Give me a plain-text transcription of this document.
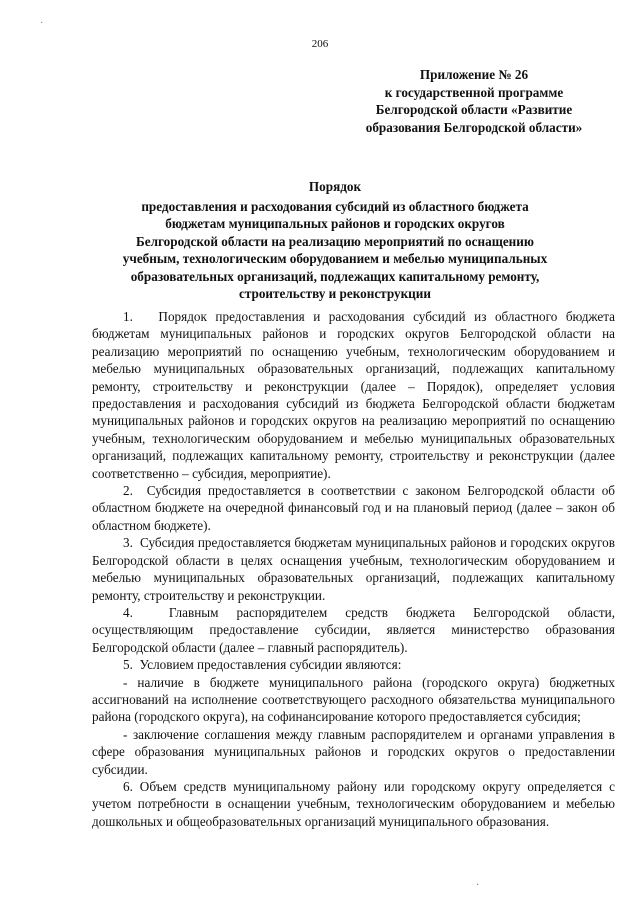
206
Приложение № 26
к государственной программе
Белгородской области «Развитие
образования Белгородской области»
Порядок
предоставления и расходования субсидий из областного бюджета
бюджетам муниципальных районов и городских округов
Белгородской области на реализацию мероприятий по оснащению
учебным, технологическим оборудованием и мебелью муниципальных
образовательных организаций, подлежащих капитальному ремонту,
строительству и реконструкции

1.   Порядок предоставления и расходования субсидий из областного бюджета бюджетам муниципальных районов и городских округов Белгородской области на реализацию мероприятий по оснащению учебным, технологическим оборудованием и мебелью муниципальных образовательных организаций, подлежащих капитальному ремонту, строительству и реконструкции (далее – Порядок), определяет условия предоставления и расходования субсидий из бюджета Белгородской области бюджетам муниципальных районов и городских округов на реализацию мероприятий по оснащению учебным, технологическим оборудованием и мебелью муниципальных образовательных организаций, подлежащих капитальному ремонту, строительству и реконструкции (далее соответственно – субсидия, мероприятие).

2.  Субсидия предоставляется в соответствии с законом Белгородской области об областном бюджете на очередной финансовый год и на плановый период (далее – закон об областном бюджете).

3.  Субсидия предоставляется бюджетам муниципальных районов и городских округов Белгородской области в целях оснащения учебным, технологическим оборудованием и мебелью муниципальных образовательных организаций, подлежащих капитальному ремонту, строительству и реконструкции.

4.  Главным распорядителем средств бюджета Белгородской области, осуществляющим предоставление субсидии, является министерство образования Белгородской области (далее – главный распорядитель).

5.  Условием предоставления субсидии являются:

- наличие в бюджете муниципального района (городского округа) бюджетных ассигнований на исполнение соответствующего расходного обязательства муниципального района (городского округа), на софинансирование которого предоставляется субсидия;

- заключение соглашения между главным распорядителем и органами управления в сфере образования муниципальных районов и городских округов о предоставлении субсидии.

6. Объем средств муниципальному району или городскому округу определяется с учетом потребности в оснащении учебным, технологическим оборудованием и мебелью дошкольных и общеобразовательных организаций муниципального образования.

·
·
